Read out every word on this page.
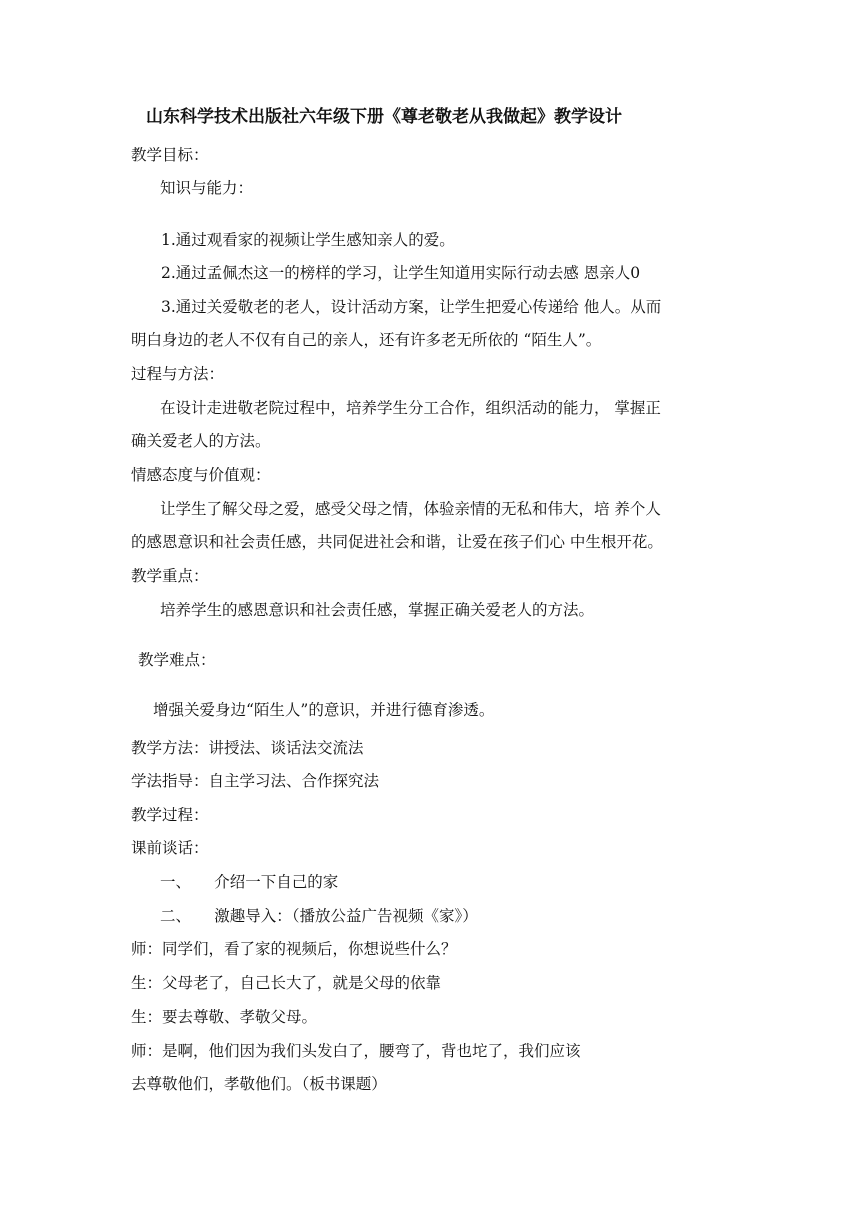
山东科学技术出版社六年级下册《尊老敬老从我做起》教学设计
教学目标：
知识与能力：
1.通过观看家的视频让学生感知亲人的爱。
2.通过孟佩杰这一的榜样的学习，让学生知道用实际行动去感 恩亲人0
3.通过关爱敬老的老人，设计活动方案，让学生把爱心传递给 他人。从而
明白身边的老人不仅有自己的亲人，还有许多老无所依的 “陌生人”。
过程与方法：
在设计走进敬老院过程中，培养学生分工合作，组织活动的能力， 掌握正
确关爱老人的方法。
情感态度与价值观：
让学生了解父母之爱，感受父母之情，体验亲情的无私和伟大，培 养个人
的感恩意识和社会责任感，共同促进社会和谐，让爱在孩子们心 中生根开花。
教学重点：
培养学生的感恩意识和社会责任感，掌握正确关爱老人的方法。
教学难点：
增强关爱身边“陌生人”的意识，并进行德育渗透。
教学方法：讲授法、谈话法交流法
学法指导：自主学习法、合作探究法
教学过程：
课前谈话：
一、　　介绍一下自己的家
二、　　激趣导入：（播放公益广告视频《家》）
师：同学们，看了家的视频后，你想说些什么？
生：父母老了，自己长大了，就是父母的依靠
生：要去尊敬、孝敬父母。
师：是啊，他们因为我们头发白了，腰弯了，背也坨了，我们应该
去尊敬他们，孝敬他们。（板书课题）
